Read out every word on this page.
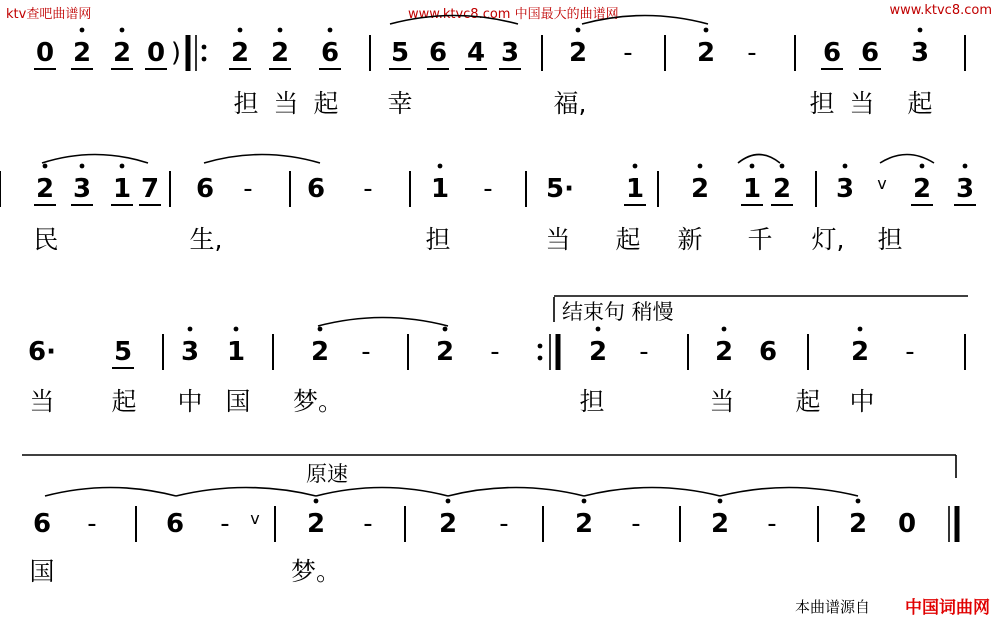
ktv查吧曲谱网	www.ktvc8.com 中国最大的曲谱网	www.ktvc8.com
0 2 2 0 ) 2 2 6 5 6 4 3 2 - 2 -	6 6 3
担 当 起 幸	福,	担 当 起
2 3 1 7 6 - 6 - 1 - 5· 1 2 1 2 3 v 2 3
民	生,	担	当 起 新 千 灯, 担
6· 5 3 1	2 -	2 -	2 -	2 6	2 -
当 起 中 国 梦。	担	当 起 中
6 -	6 - v 2 -	2 -	2 -	2 -	2 0
国	梦。
结束句 稍慢
原速
本曲谱源自 中国词曲网
